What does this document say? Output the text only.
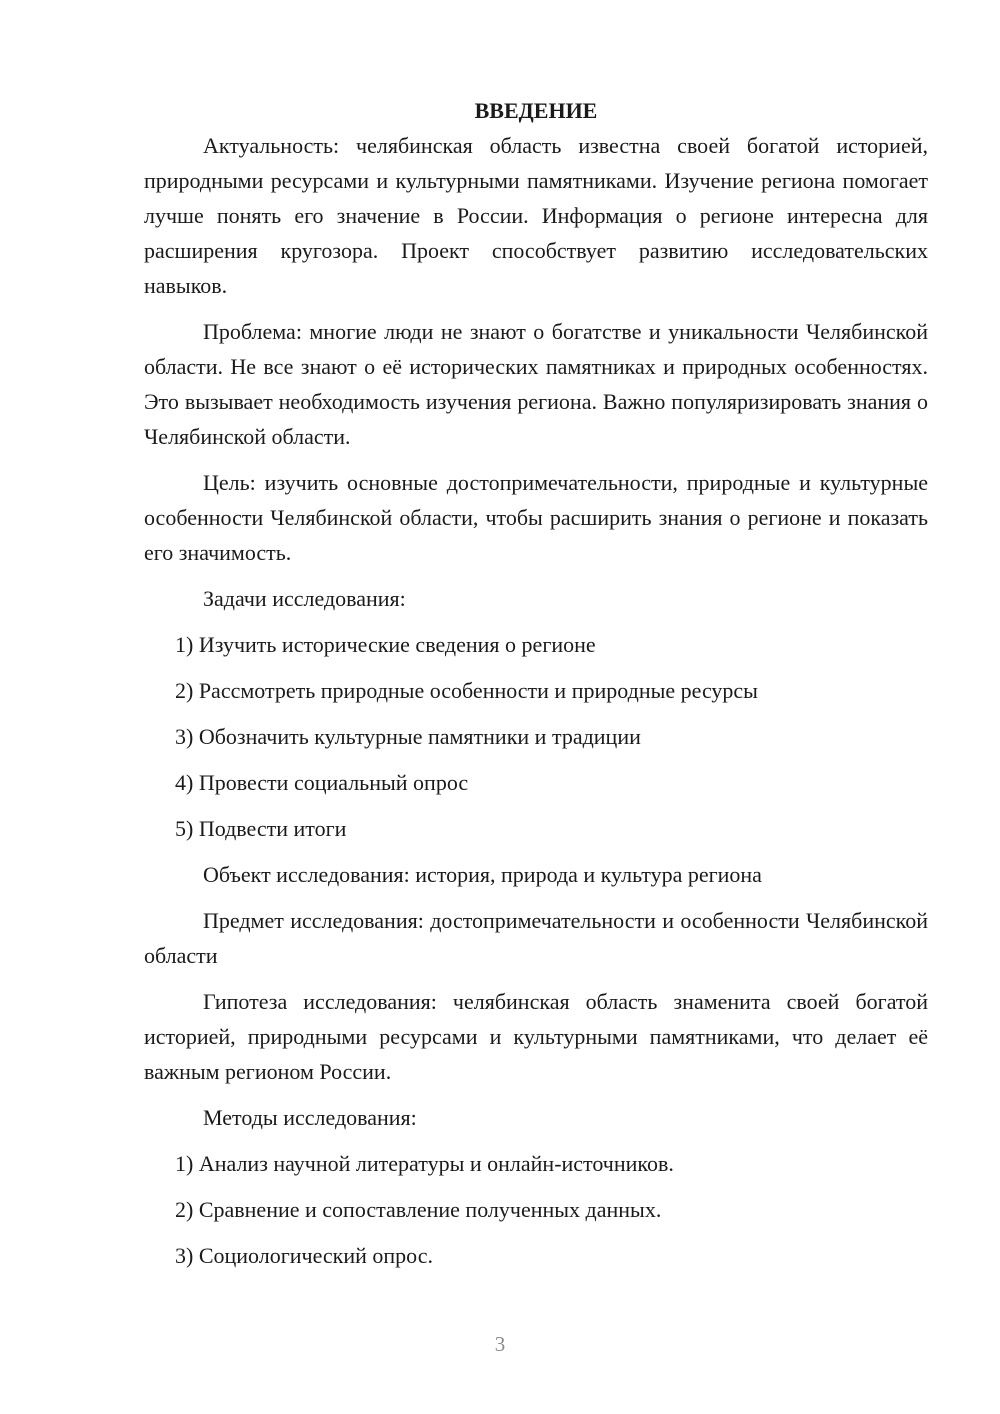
ВВЕДЕНИЕ

Актуальность: челябинская область известна своей богатой историей, природными ресурсами и культурными памятниками. Изучение региона помогает лучше понять его значение в России. Информация о регионе интересна для расширения кругозора. Проект способствует развитию исследовательских навыков.

Проблема: многие люди не знают о богатстве и уникальности Челябинской области. Не все знают о её исторических памятниках и природных особенностях. Это вызывает необходимость изучения региона. Важно популяризировать знания о Челябинской области.

Цель: изучить основные достопримечательности, природные и культурные особенности Челябинской области, чтобы расширить знания о регионе и показать его значимость.

Задачи исследования:

1) Изучить исторические сведения о регионе

2) Рассмотреть природные особенности и природные ресурсы

3) Обозначить культурные памятники и традиции

4) Провести социальный опрос

5) Подвести итоги

Объект исследования: история, природа и культура региона

Предмет исследования: достопримечательности и особенности Челябинской области

Гипотеза исследования: челябинская область знаменита своей богатой историей, природными ресурсами и культурными памятниками, что делает её важным регионом России.

Методы исследования:

1) Анализ научной литературы и онлайн-источников.

2) Сравнение и сопоставление полученных данных.

3) Социологический опрос.

3
